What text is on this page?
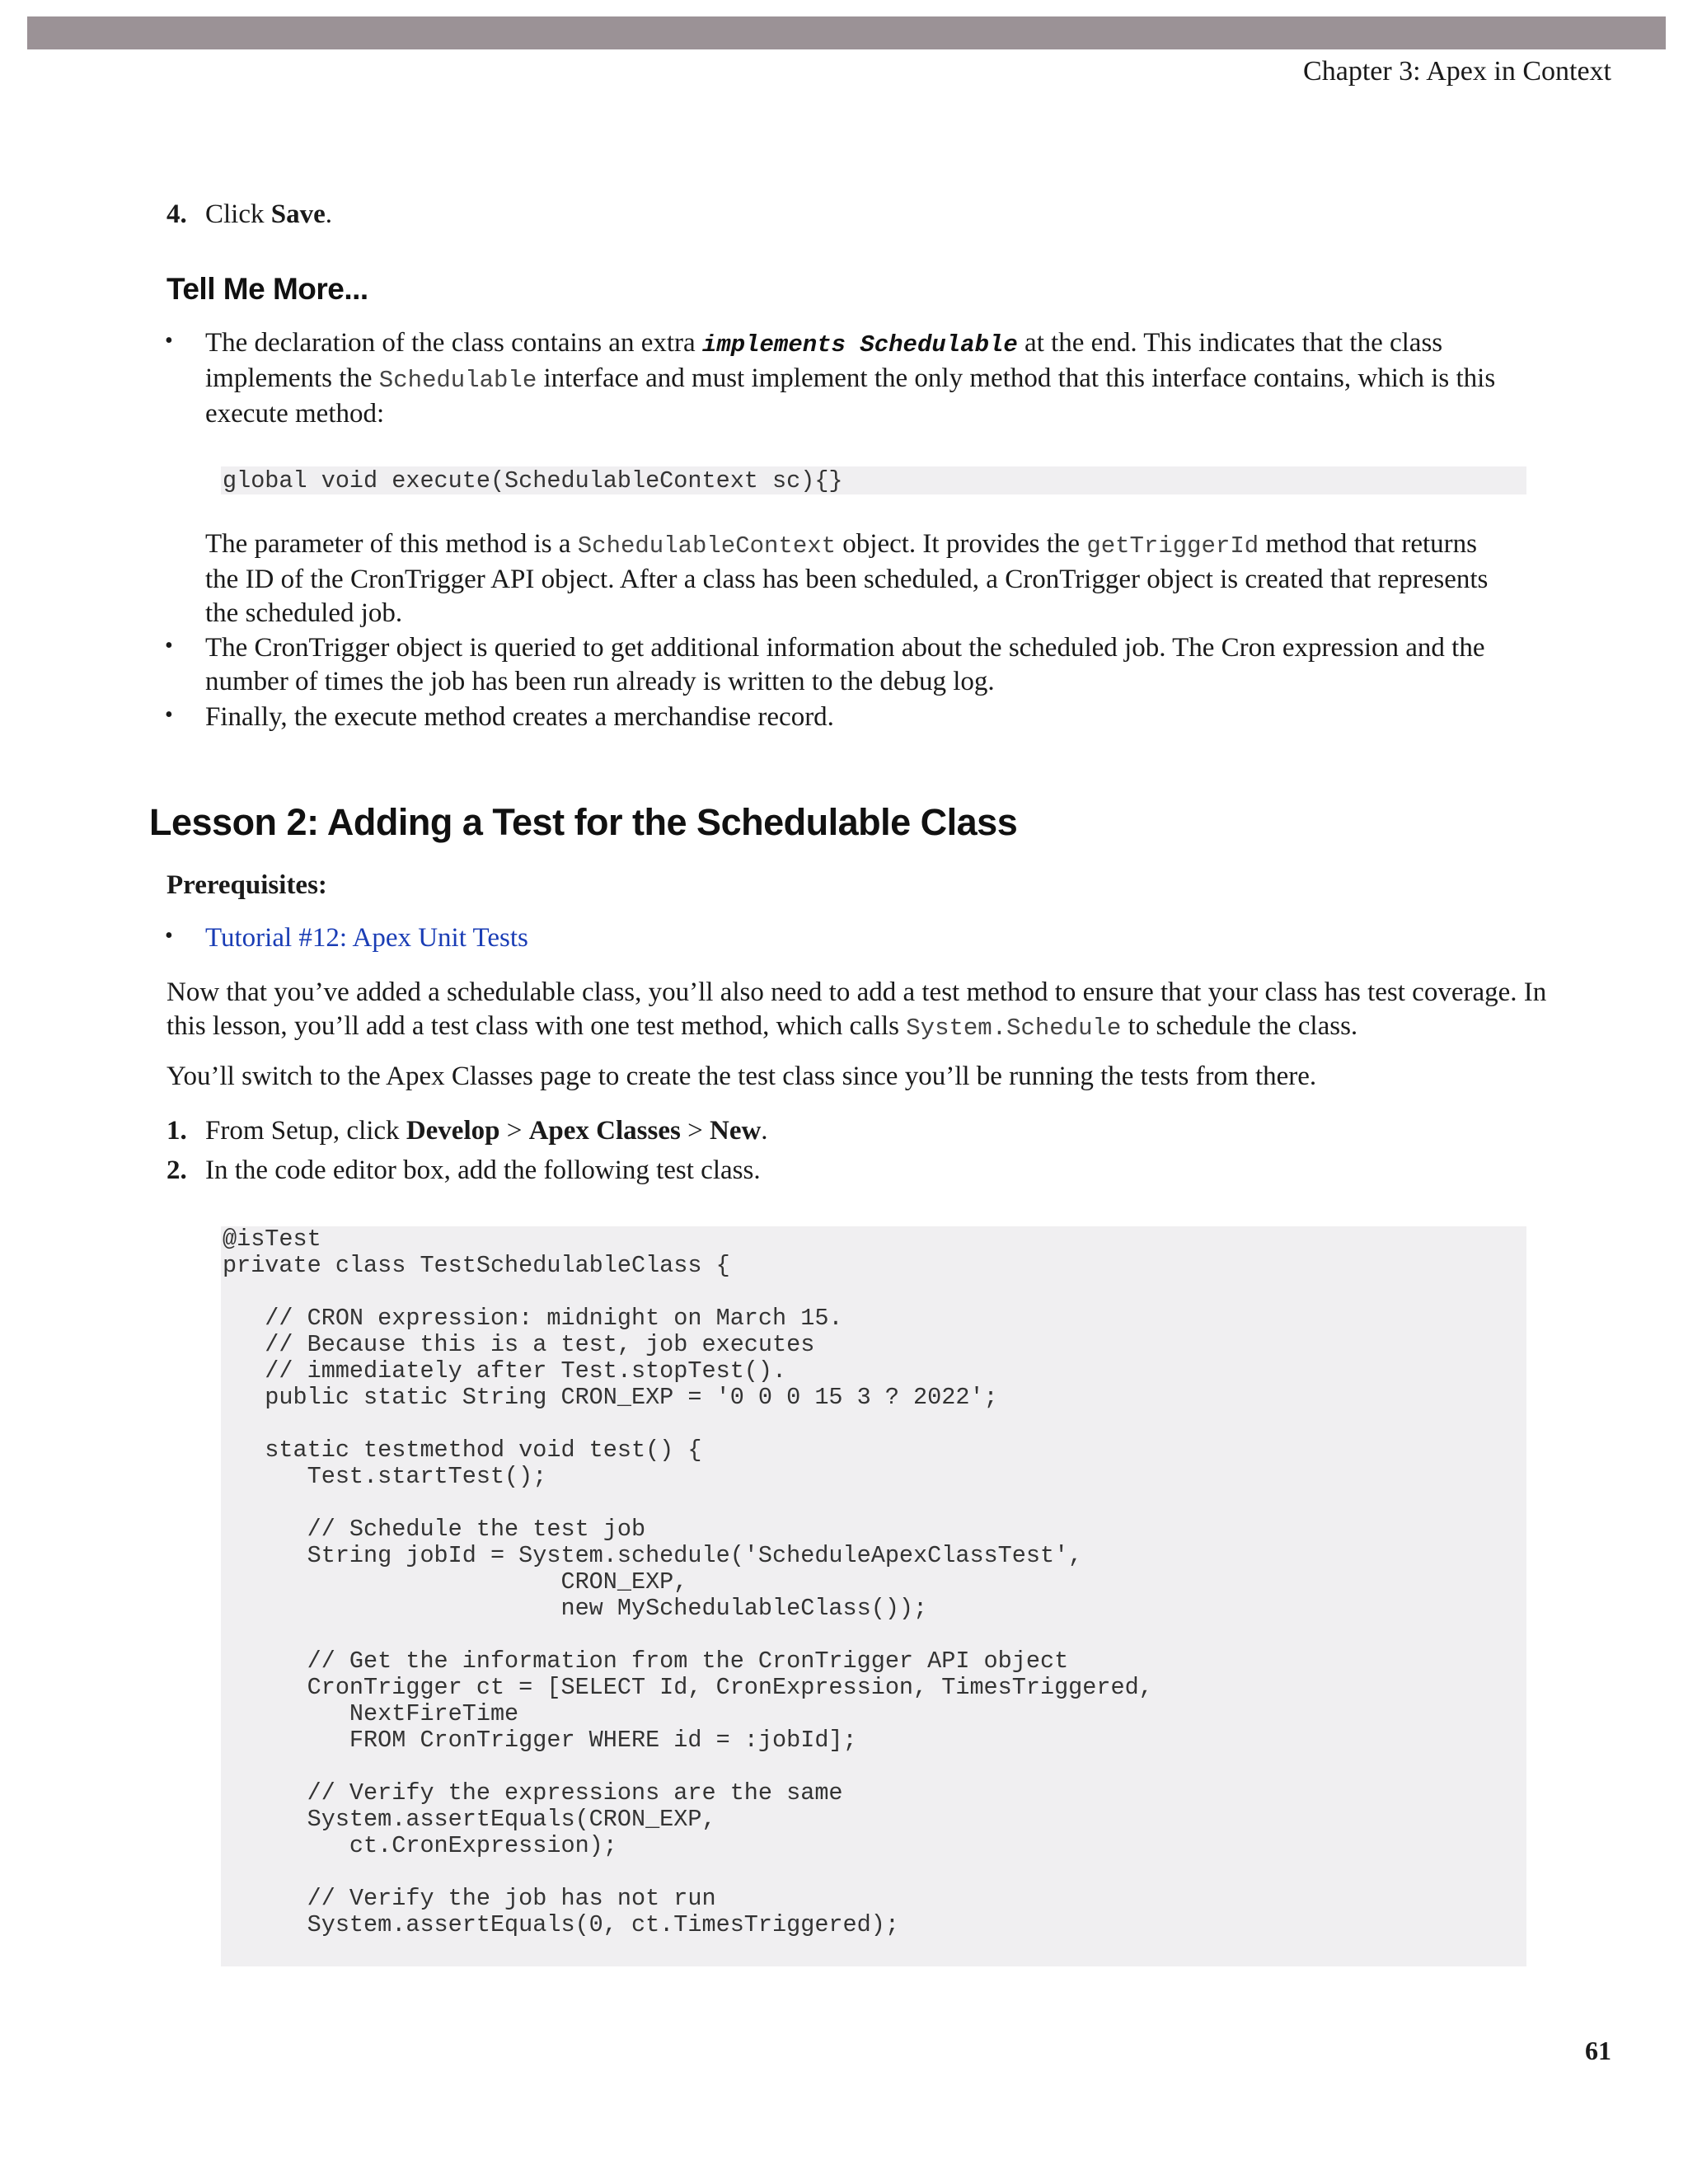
Chapter 3: Apex in Context
4. Click Save.
Tell Me More...
• The declaration of the class contains an extra implements Schedulable at the end. This indicates that the class
implements the Schedulable interface and must implement the only method that this interface contains, which is this
execute method:
global void execute(SchedulableContext sc){}
The parameter of this method is a SchedulableContext object. It provides the getTriggerId method that returns
the ID of the CronTrigger API object. After a class has been scheduled, a CronTrigger object is created that represents
the scheduled job.
• The CronTrigger object is queried to get additional information about the scheduled job. The Cron expression and the
number of times the job has been run already is written to the debug log.
• Finally, the execute method creates a merchandise record.
Lesson 2: Adding a Test for the Schedulable Class
Prerequisites:
• Tutorial #12: Apex Unit Tests
Now that you’ve added a schedulable class, you’ll also need to add a test method to ensure that your class has test coverage. In
this lesson, you’ll add a test class with one test method, which calls System.Schedule to schedule the class.
You’ll switch to the Apex Classes page to create the test class since you’ll be running the tests from there.
1. From Setup, click Develop > Apex Classes > New.
2. In the code editor box, add the following test class.
@isTest
private class TestSchedulableClass {

// CRON expression: midnight on March 15.
// Because this is a test, job executes
// immediately after Test.stopTest().
public static String CRON_EXP = '0 0 0 15 3 ? 2022';

static testmethod void test() {
Test.startTest();

// Schedule the test job
String jobId = System.schedule('ScheduleApexClassTest',
CRON_EXP,
new MySchedulableClass());

// Get the information from the CronTrigger API object
CronTrigger ct = [SELECT Id, CronExpression, TimesTriggered,
NextFireTime
FROM CronTrigger WHERE id = :jobId];

// Verify the expressions are the same
System.assertEquals(CRON_EXP,
ct.CronExpression);

// Verify the job has not run
System.assertEquals(0, ct.TimesTriggered);
61
